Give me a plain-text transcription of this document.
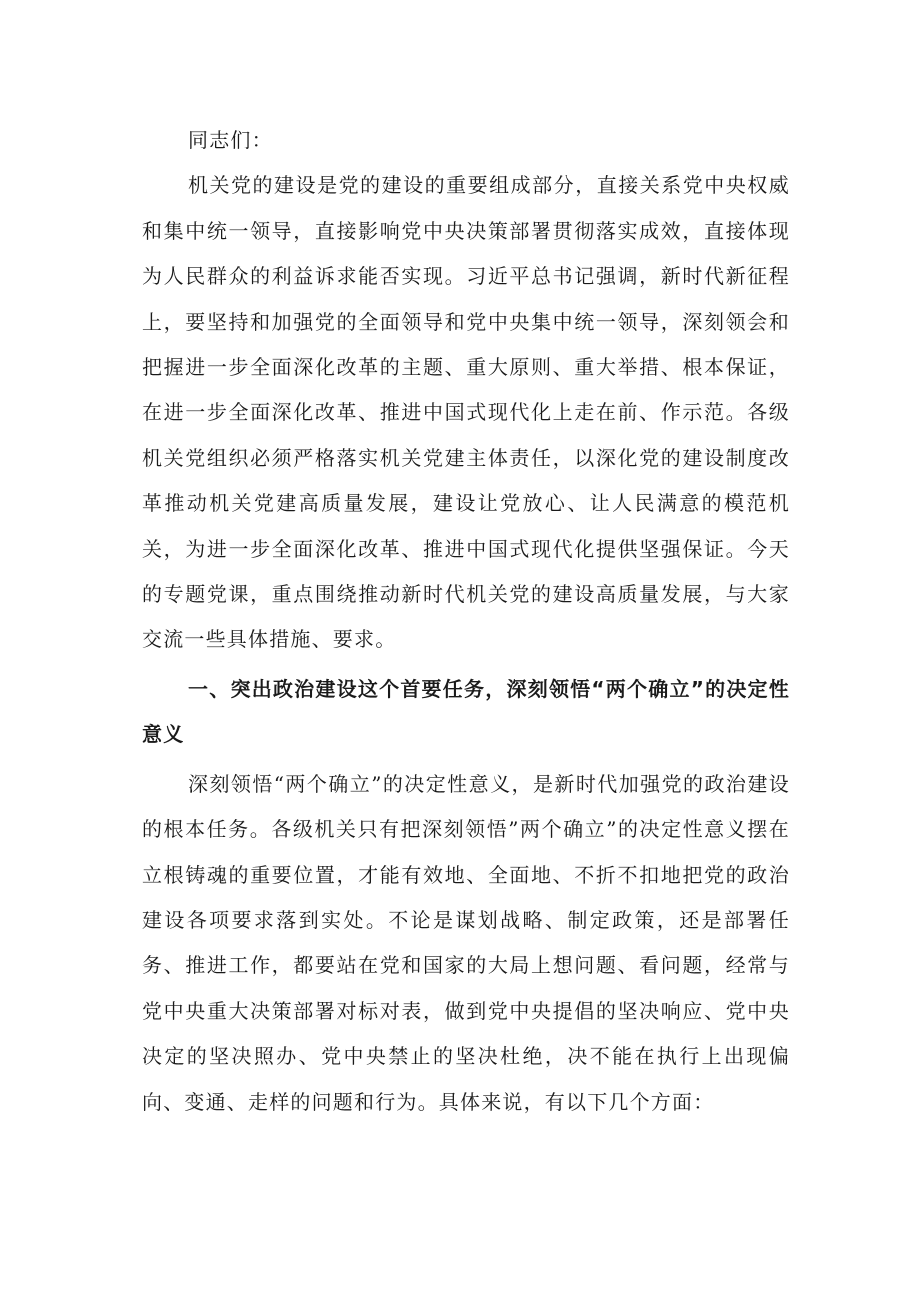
同志们：

机关党的建设是党的建设的重要组成部分，直接关系党中央权威和集中统一领导，直接影响党中央决策部署贯彻落实成效，直接体现为人民群众的利益诉求能否实现。习近平总书记强调，新时代新征程上，要坚持和加强党的全面领导和党中央集中统一领导，深刻领会和把握进一步全面深化改革的主题、重大原则、重大举措、根本保证，在进一步全面深化改革、推进中国式现代化上走在前、作示范。各级机关党组织必须严格落实机关党建主体责任，以深化党的建设制度改革推动机关党建高质量发展，建设让党放心、让人民满意的模范机关，为进一步全面深化改革、推进中国式现代化提供坚强保证。今天的专题党课，重点围绕推动新时代机关党的建设高质量发展，与大家交流一些具体措施、要求。

一、突出政治建设这个首要任务，深刻领悟“两个确立”的决定性意义

深刻领悟“两个确立”的决定性意义，是新时代加强党的政治建设的根本任务。各级机关只有把深刻领悟”两个确立”的决定性意义摆在立根铸魂的重要位置，才能有效地、全面地、不折不扣地把党的政治建设各项要求落到实处。不论是谋划战略、制定政策，还是部署任务、推进工作，都要站在党和国家的大局上想问题、看问题，经常与党中央重大决策部署对标对表，做到党中央提倡的坚决响应、党中央决定的坚决照办、党中央禁止的坚决杜绝，决不能在执行上出现偏向、变通、走样的问题和行为。具体来说，有以下几个方面：
